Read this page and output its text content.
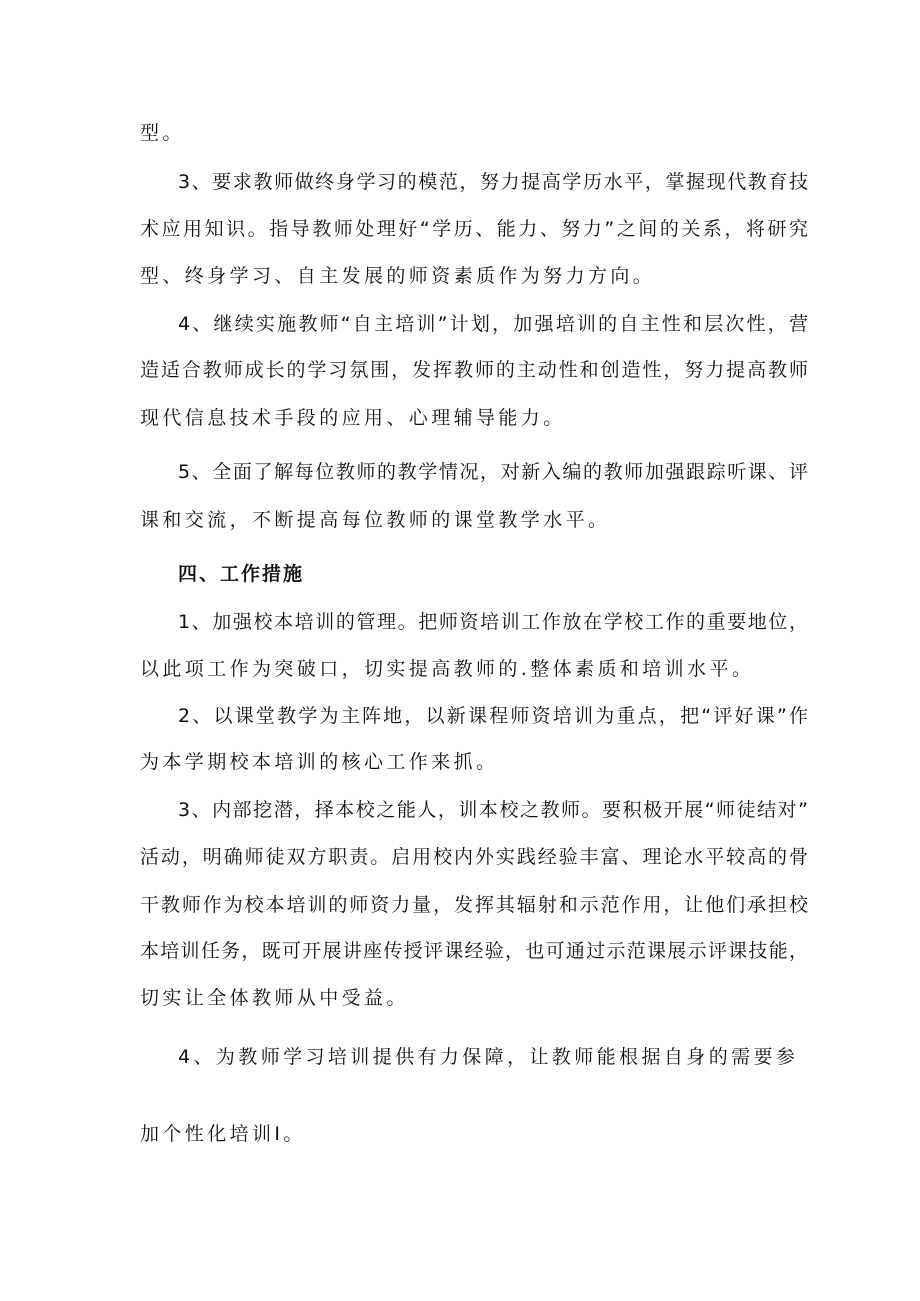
型。
3、要求教师做终身学习的模范，努力提高学历水平，掌握现代教育技
术应用知识。指导教师处理好“学历、能力、努力”之间的关系，将研究
型、终身学习、自主发展的师资素质作为努力方向。
4、继续实施教师“自主培训”计划，加强培训的自主性和层次性，营
造适合教师成长的学习氛围，发挥教师的主动性和创造性，努力提高教师
现代信息技术手段的应用、心理辅导能力。
5、全面了解每位教师的教学情况，对新入编的教师加强跟踪听课、评
课和交流，不断提高每位教师的课堂教学水平。
四、工作措施
1、加强校本培训的管理。把师资培训工作放在学校工作的重要地位，
以此项工作为突破口，切实提高教师的.整体素质和培训水平。
2、以课堂教学为主阵地，以新课程师资培训为重点，把“评好课”作
为本学期校本培训的核心工作来抓。
3、内部挖潜，择本校之能人，训本校之教师。要积极开展“师徒结对”
活动，明确师徒双方职责。启用校内外实践经验丰富、理论水平较高的骨
干教师作为校本培训的师资力量，发挥其辐射和示范作用，让他们承担校
本培训任务，既可开展讲座传授评课经验，也可通过示范课展示评课技能，
切实让全体教师从中受益。
4、为教师学习培训提供有力保障，让教师能根据自身的需要参
加个性化培训I。
